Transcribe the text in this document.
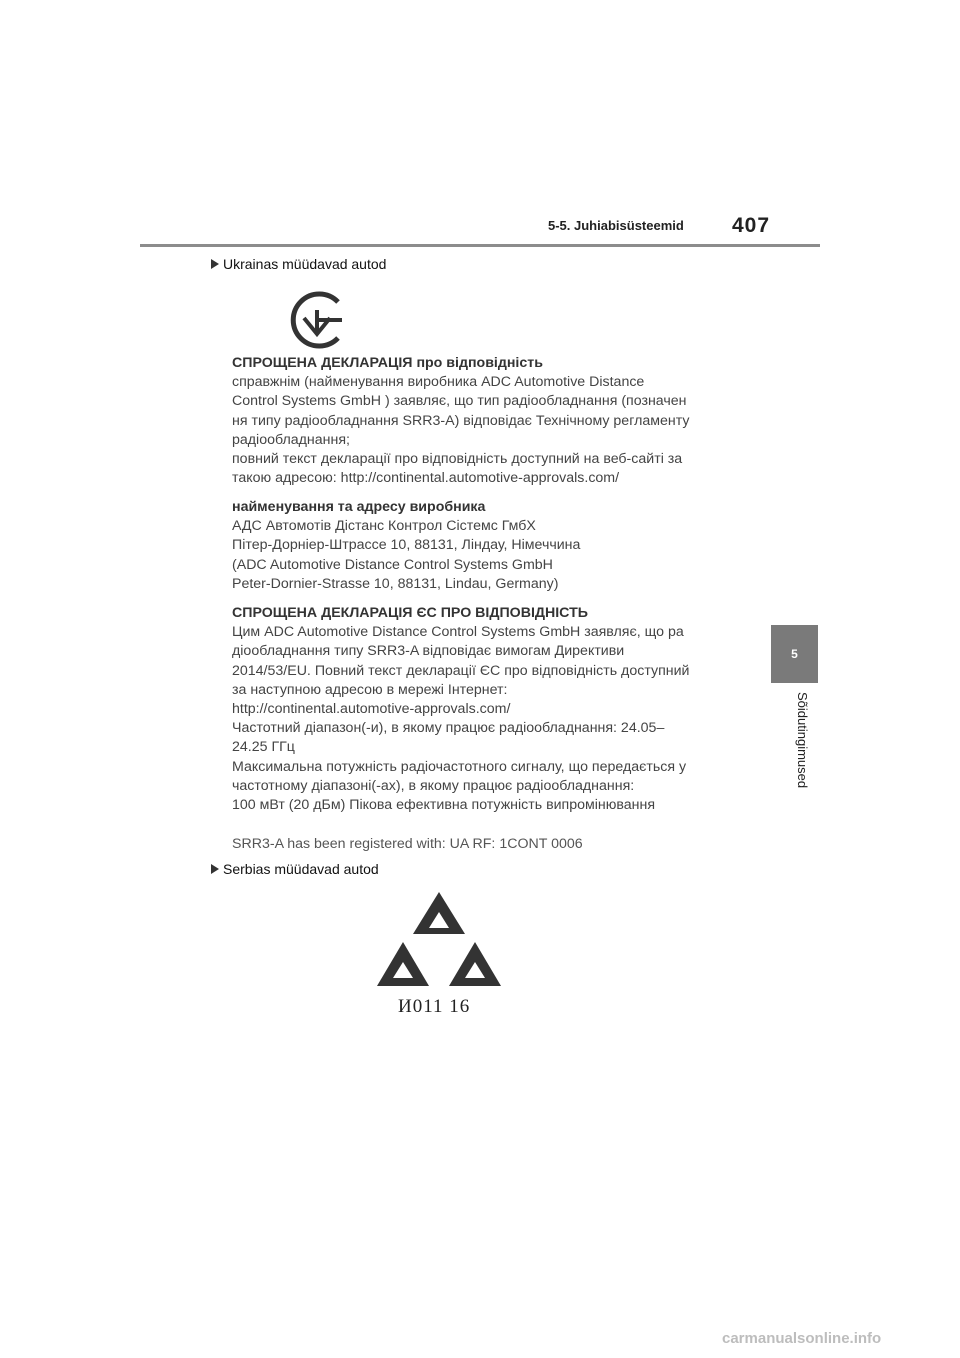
5-5. Juhiabisüsteemid 407
5
Sõidutingimused
Ukrainas müüdavad autod

СПРОЩЕНА ДЕКЛАРАЦІЯ про відповідність

справжнім (найменування виробника ADC Automotive Distance

Control Systems GmbH ) заявляє, що тип радіообладнання (позначен

ня типу радіообладнання SRR3-A) відповідає Технічному регламенту

радіообладнання;

повний текст декларації про відповідність доступний на веб-сайті за

такою адресою: http://continental.automotive-approvals.com/

найменування та адресу виробника

АДС Автомотів Дістанс Контрол Сістемс ГмбХ

Пітер-Дорніер-Штрассе 10, 88131, Ліндау, Німеччина

(ADC Automotive Distance Control Systems GmbH

Peter-Dornier-Strasse 10, 88131, Lindau, Germany)

СПРОЩЕНА ДЕКЛАРАЦІЯ ЄС ПРО ВІДПОВІДНІСТЬ

Цим ADC Automotive Distance Control Systems GmbH заявляє, що ра

діообладнання типу SRR3-A відповідає вимогам Директиви

2014/53/EU. Повний текст декларації ЄС про відповідність доступний

за наступною адресою в мережі Інтернет:

http://continental.automotive-approvals.com/

Частотний діапазон(-и), в якому працює радіообладнання: 24.05–

24.25 ГГц

Максимальна потужність радіочастотного сигналу, що передається у

частотному діапазоні(-ах), в якому працює радіообладнання:

100 мВт (20 дБм) Пікова ефективна потужність випромінювання

SRR3-A has been registered with: UA RF: 1CONT 0006
Serbias müüdavad autod
И011 16
carmanualsonline.info
